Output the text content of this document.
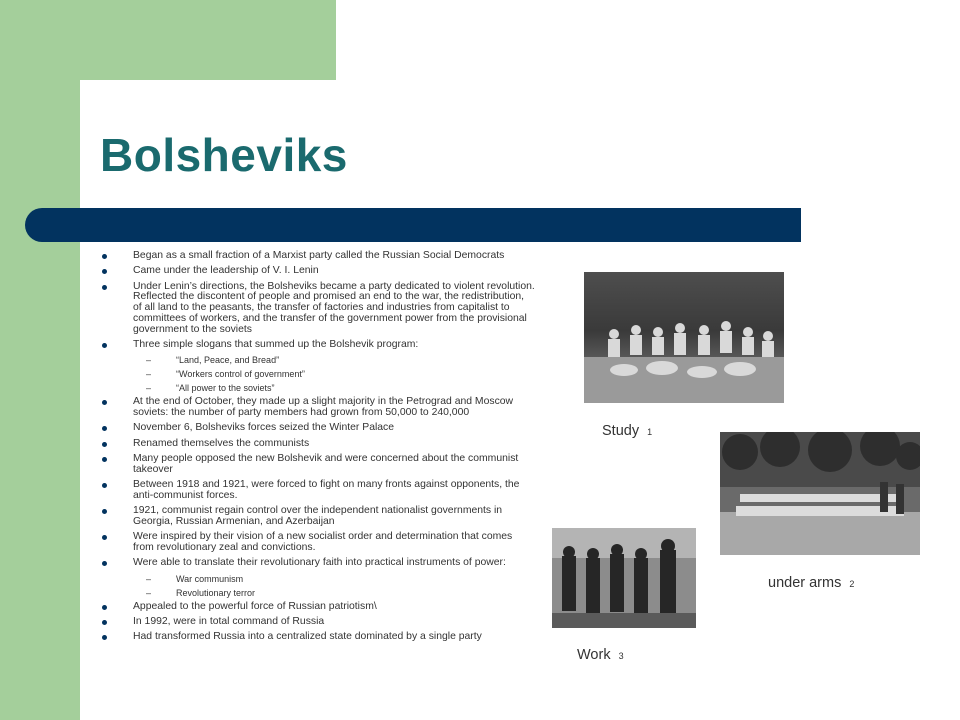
Bolsheviks
Began as a small fraction of a Marxist party called the Russian Social Democrats
Came under the leadership of V. I. Lenin
Under Lenin’s directions, the Bolsheviks became a party dedicated to violent revolution. Reflected the discontent of people and promised an end to the war, the redistribution, of all land to the peasants, the transfer of factories and industries from capitalist to committees of workers, and the transfer of the government power from the provisional government to the soviets
Three simple slogans that summed up the Bolshevik program:
–	“Land, Peace, and Bread”
–	“Workers control of government”
–	“All power to the soviets”
At the end of October, they made up a slight majority in the Petrograd and Moscow soviets: the number of party members had grown from 50,000 to 240,000
November 6, Bolsheviks forces seized the Winter Palace
Renamed themselves the communists
Many people opposed the new Bolshevik and were concerned about the communist takeover
Between 1918 and 1921, were forced to fight on many fronts against opponents, the anti-communist forces.
1921, communist regain control over the independent nationalist governments in Georgia, Russian Armenian, and Azerbaijan
Were inspired by their vision of a new socialist order and determination that comes from revolutionary zeal and convictions.
Were able to translate their revolutionary faith into practical instruments of power:
–	War communism
–	Revolutionary terror
Appealed to the powerful force of Russian patriotism\
In 1992, were in total command of Russia
Had transformed Russia into a centralized state dominated by a single party
Study 1
under arms 2
Work 3
